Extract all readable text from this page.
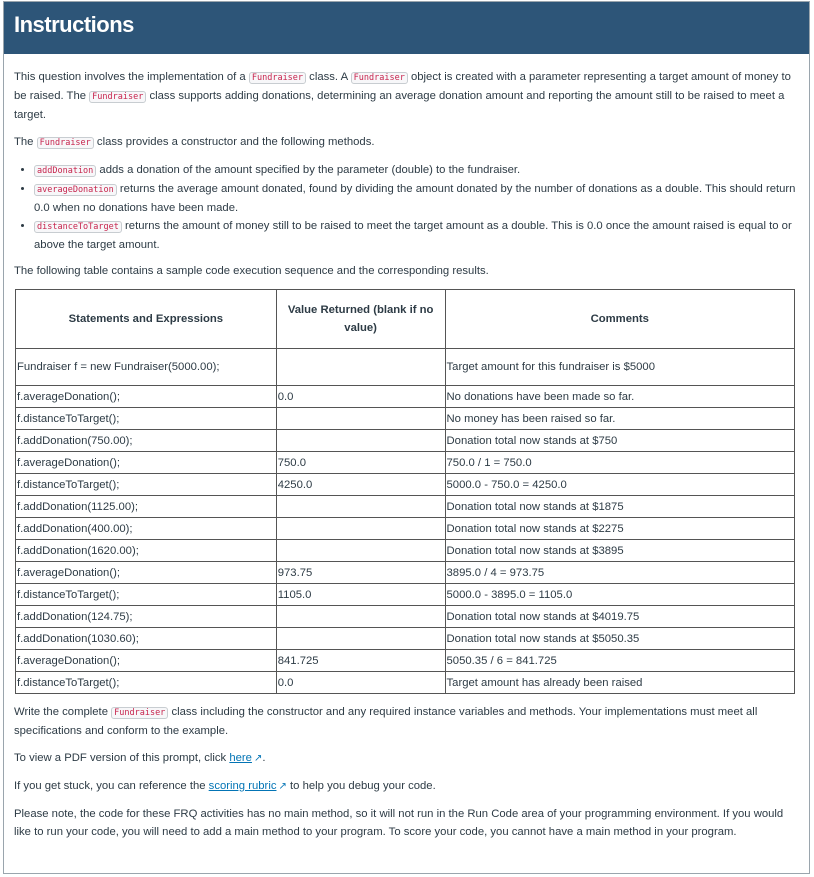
Instructions

This question involves the implementation of a Fundraiser class. A Fundraiser object is created with a parameter representing a target amount of money to be raised. The Fundraiser class supports adding donations, determining an average donation amount and reporting the amount still to be raised to meet a target.

The Fundraiser class provides a constructor and the following methods.

• addDonation adds a donation of the amount specified by the parameter (double) to the fundraiser.
• averageDonation returns the average amount donated, found by dividing the amount donated by the number of donations as a double. This should return 0.0 when no donations have been made.
• distanceToTarget returns the amount of money still to be raised to meet the target amount as a double. This is 0.0 once the amount raised is equal to or above the target amount.

The following table contains a sample code execution sequence and the corresponding results.

Statements and Expressions	Value Returned (blank if no value)	Comments
Fundraiser f = new Fundraiser(5000.00);		Target amount for this fundraiser is $5000
f.averageDonation();	0.0	No donations have been made so far.
f.distanceToTarget();		No money has been raised so far.
f.addDonation(750.00);		Donation total now stands at $750
f.averageDonation();	750.0	750.0 / 1 = 750.0
f.distanceToTarget();	4250.0	5000.0 - 750.0 = 4250.0
f.addDonation(1125.00);		Donation total now stands at $1875
f.addDonation(400.00);		Donation total now stands at $2275
f.addDonation(1620.00);		Donation total now stands at $3895
f.averageDonation();	973.75	3895.0 / 4 = 973.75
f.distanceToTarget();	1105.0	5000.0 - 3895.0 = 1105.0
f.addDonation(124.75);		Donation total now stands at $4019.75
f.addDonation(1030.60);		Donation total now stands at $5050.35
f.averageDonation();	841.725	5050.35 / 6 = 841.725
f.distanceToTarget();	0.0	Target amount has already been raised

Write the complete Fundraiser class including the constructor and any required instance variables and methods. Your implementations must meet all specifications and conform to the example.

To view a PDF version of this prompt, click here ↗.

If you get stuck, you can reference the scoring rubric ↗ to help you debug your code.

Please note, the code for these FRQ activities has no main method, so it will not run in the Run Code area of your programming environment. If you would like to run your code, you will need to add a main method to your program. To score your code, you cannot have a main method in your program.
